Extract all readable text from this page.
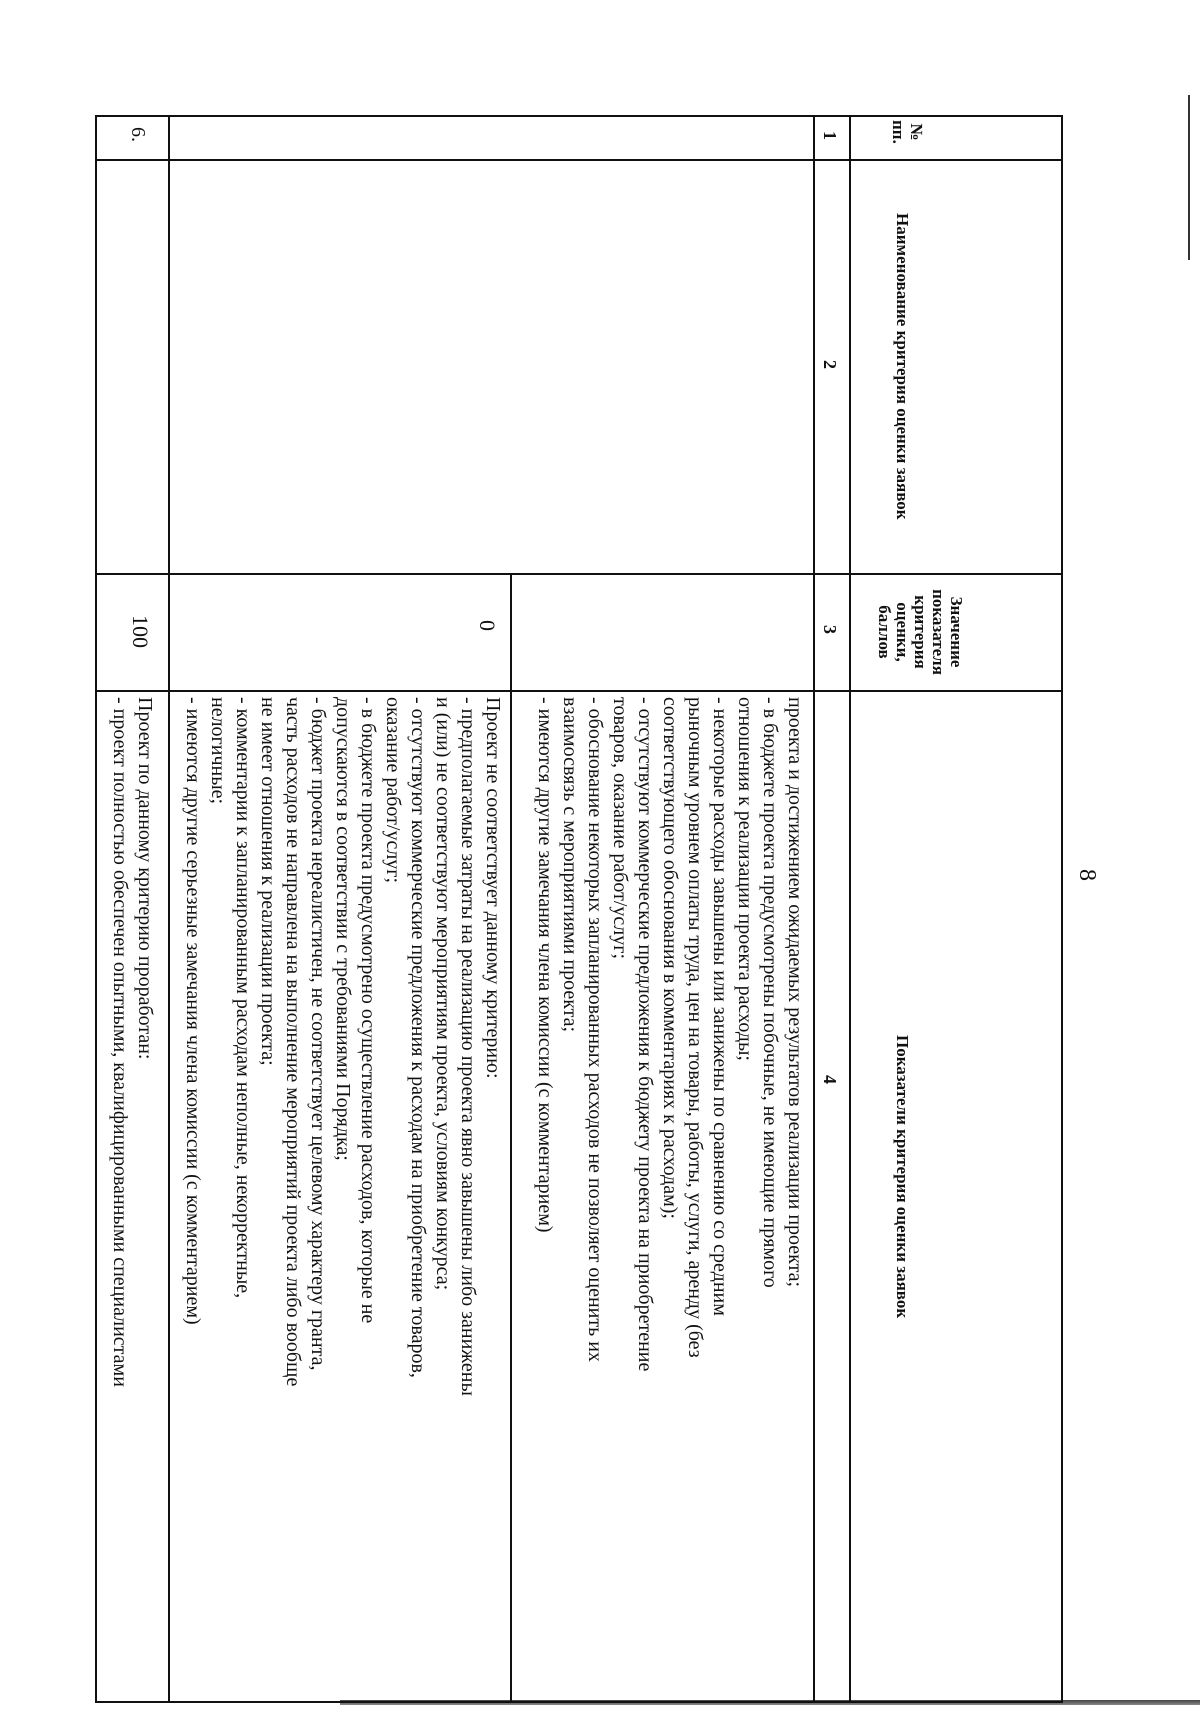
8
№
пп.
Наименование критерия оценки заявок
Значение
показателя
критерия
оценки,
баллов
Показатели критерия оценки заявок
1
2
3
4
проекта и достижением ожидаемых результатов реализации проекта;
- в бюджете проекта предусмотрены побочные, не имеющие прямого
отношения к реализации проекта расходы;
- некоторые расходы завышены или занижены по сравнению со средним
рыночным уровнем оплаты труда, цен на товары, работы, услуги, аренду (без
соответствующего обоснования в комментариях к расходам);
- отсутствуют коммерческие предложения к бюджету проекта на приобретение
товаров, оказание работ/услуг;
- обоснование некоторых запланированных расходов не позволяет оценить их
взаимосвязь с мероприятиями проекта;
- имеются другие замечания члена комиссии (с комментарием)
0
Проект не соответствует данному критерию:
- предполагаемые затраты на реализацию проекта явно завышены либо занижены
и (или) не соответствуют мероприятиям проекта, условиям конкурса;
- отсутствуют коммерческие предложения к расходам на приобретение товаров,
оказание работ/услуг;
- в бюджете проекта предусмотрено осуществление расходов, которые не
допускаются в соответствии с требованиями Порядка;
- бюджет проекта нереалистичен, не соответствует целевому характеру гранта,
часть расходов не направлена на выполнение мероприятий проекта либо вообще
не имеет отношения к реализации проекта;
- комментарии к запланированным расходам неполные, некорректные,
нелогичные;
- имеются другие серьезные замечания члена комиссии (с комментарием)
6.
100
Проект по данному критерию проработан:
- проект полностью обеспечен опытными, квалифицированными специалистами
